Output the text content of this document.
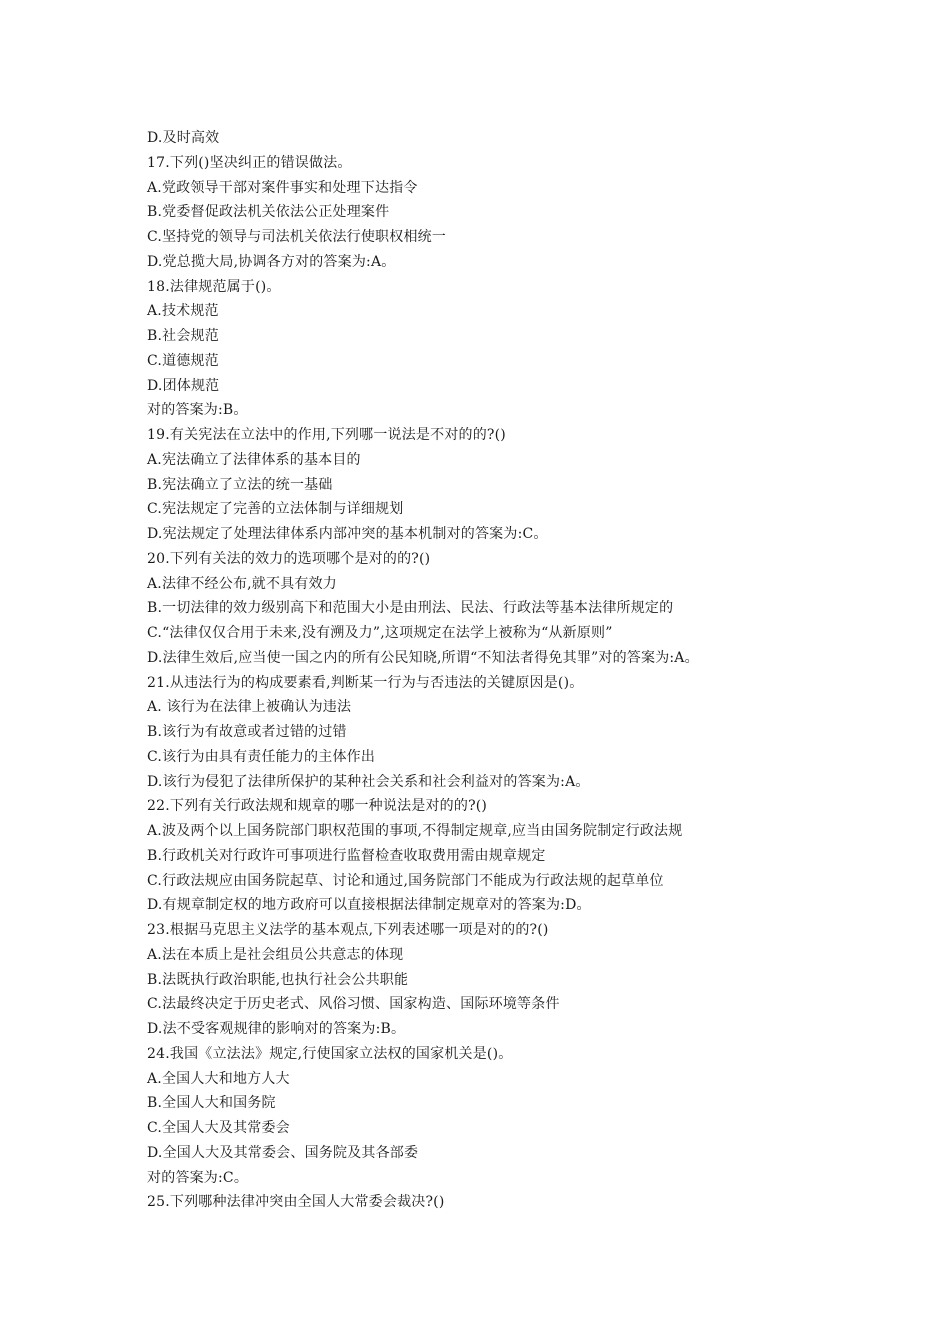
D.及时高效
17.下列()坚决纠正的错误做法。
A.党政领导干部对案件事实和处理下达指令
B.党委督促政法机关依法公正处理案件
C.坚持党的领导与司法机关依法行使职权相统一
D.党总揽大局,协调各方对的答案为:A。
18.法律规范属于()。
A.技术规范
B.社会规范
C.道德规范
D.团体规范
对的答案为:B。
19.有关宪法在立法中的作用,下列哪一说法是不对的的?()
A.宪法确立了法律体系的基本目的
B.宪法确立了立法的统一基础
C.宪法规定了完善的立法体制与详细规划
D.宪法规定了处理法律体系内部冲突的基本机制对的答案为:C。
20.下列有关法的效力的选项哪个是对的的?()
A.法律不经公布,就不具有效力
B.一切法律的效力级别高下和范围大小是由刑法、民法、行政法等基本法律所规定的
C.“法律仅仅合用于未来,没有溯及力”,这项规定在法学上被称为“从新原则”
D.法律生效后,应当使一国之内的所有公民知晓,所谓“不知法者得免其罪”对的答案为:A。
21.从违法行为的构成要素看,判断某一行为与否违法的关键原因是()。
A. 该行为在法律上被确认为违法
B.该行为有故意或者过错的过错
C.该行为由具有责任能力的主体作出
D.该行为侵犯了法律所保护的某种社会关系和社会利益对的答案为:A。
22.下列有关行政法规和规章的哪一种说法是对的的?()
A.波及两个以上国务院部门职权范围的事项,不得制定规章,应当由国务院制定行政法规
B.行政机关对行政许可事项进行监督检查收取费用需由规章规定
C.行政法规应由国务院起草、讨论和通过,国务院部门不能成为行政法规的起草单位
D.有规章制定权的地方政府可以直接根据法律制定规章对的答案为:D。
23.根据马克思主义法学的基本观点,下列表述哪一项是对的的?()
A.法在本质上是社会组员公共意志的体现
B.法既执行政治职能,也执行社会公共职能
C.法最终决定于历史老式、风俗习惯、国家构造、国际环境等条件
D.法不受客观规律的影响对的答案为:B。
24.我国《立法法》规定,行使国家立法权的国家机关是()。
A.全国人大和地方人大
B.全国人大和国务院
C.全国人大及其常委会
D.全国人大及其常委会、国务院及其各部委
对的答案为:C。
25.下列哪种法律冲突由全国人大常委会裁决?()
